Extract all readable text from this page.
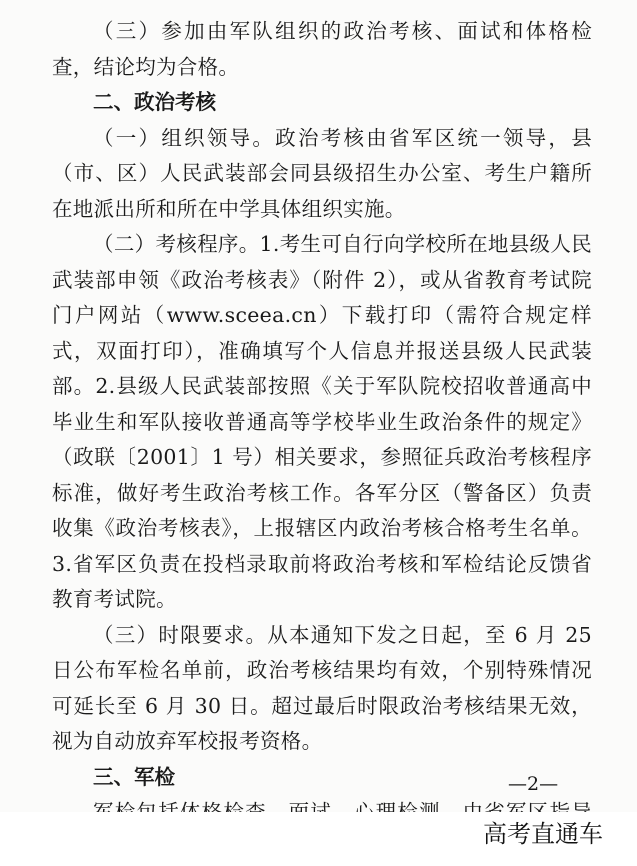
（三）参加由军队组织的政治考核、面试和体格检查，结论均为合格。

二、政治考核

（一）组织领导。政治考核由省军区统一领导，县（市、区）人民武装部会同县级招生办公室、考生户籍所在地派出所和所在中学具体组织实施。

（二）考核程序。1.考生可自行向学校所在地县级人民武装部申领《政治考核表》（附件 2），或从省教育考试院门户网站（www.sceea.cn）下载打印（需符合规定样式，双面打印），准确填写个人信息并报送县级人民武装部。2.县级人民武装部按照《关于军队院校招收普通高中毕业生和军队接收普通高等学校毕业生政治条件的规定》（政联〔2001〕1 号）相关要求，参照征兵政治考核程序标准，做好考生政治考核工作。各军分区（警备区）负责收集《政治考核表》，上报辖区内政治考核合格考生名单。3.省军区负责在投档录取前将政治考核和军检结论反馈省教育考试院。

（三）时限要求。从本通知下发之日起，至 6 月 25 日公布军检名单前，政治考核结果均有效，个别特殊情况可延长至 6 月 30 日。超过最后时限政治考核结果无效，视为自动放弃军校报考资格。

三、军检	—2—
高考直通车
